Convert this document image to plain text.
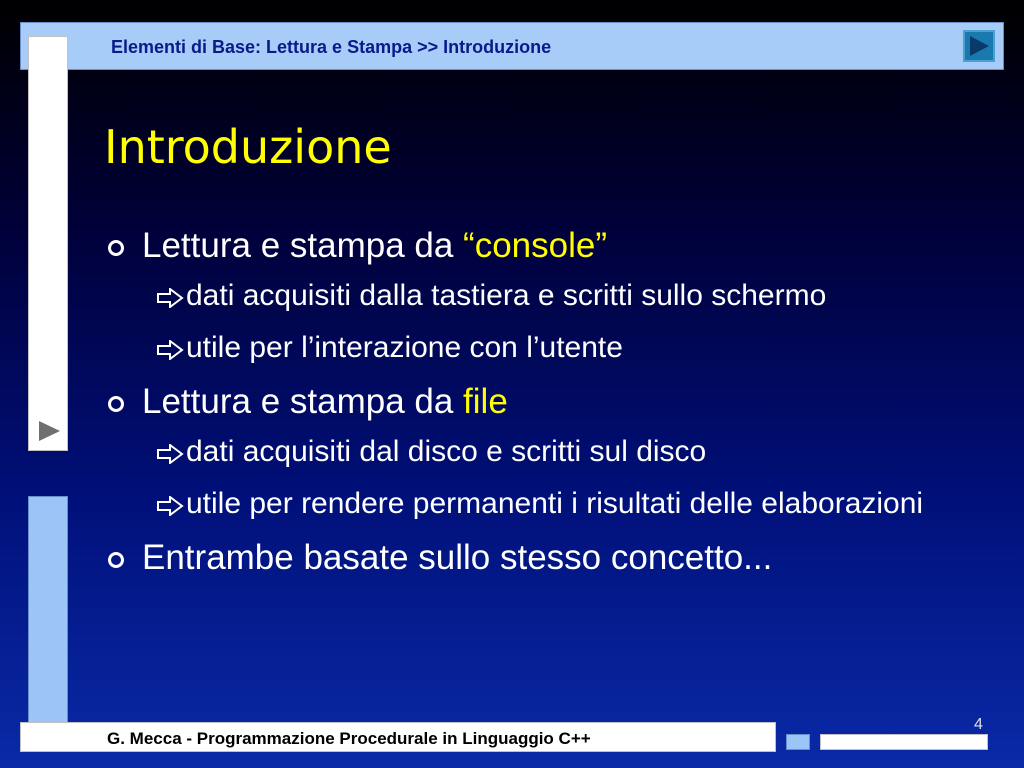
Elementi di Base: Lettura e Stampa >> Introduzione
Introduzione
Lettura e stampa da “console”
dati acquisiti dalla tastiera e scritti sullo schermo
utile per l’interazione con l’utente
Lettura e stampa da file
dati acquisiti dal disco e scritti sul disco
utile per rendere permanenti i risultati delle elaborazioni
Entrambe basate sullo stesso concetto...
G. Mecca - Programmazione Procedurale in Linguaggio C++
4
